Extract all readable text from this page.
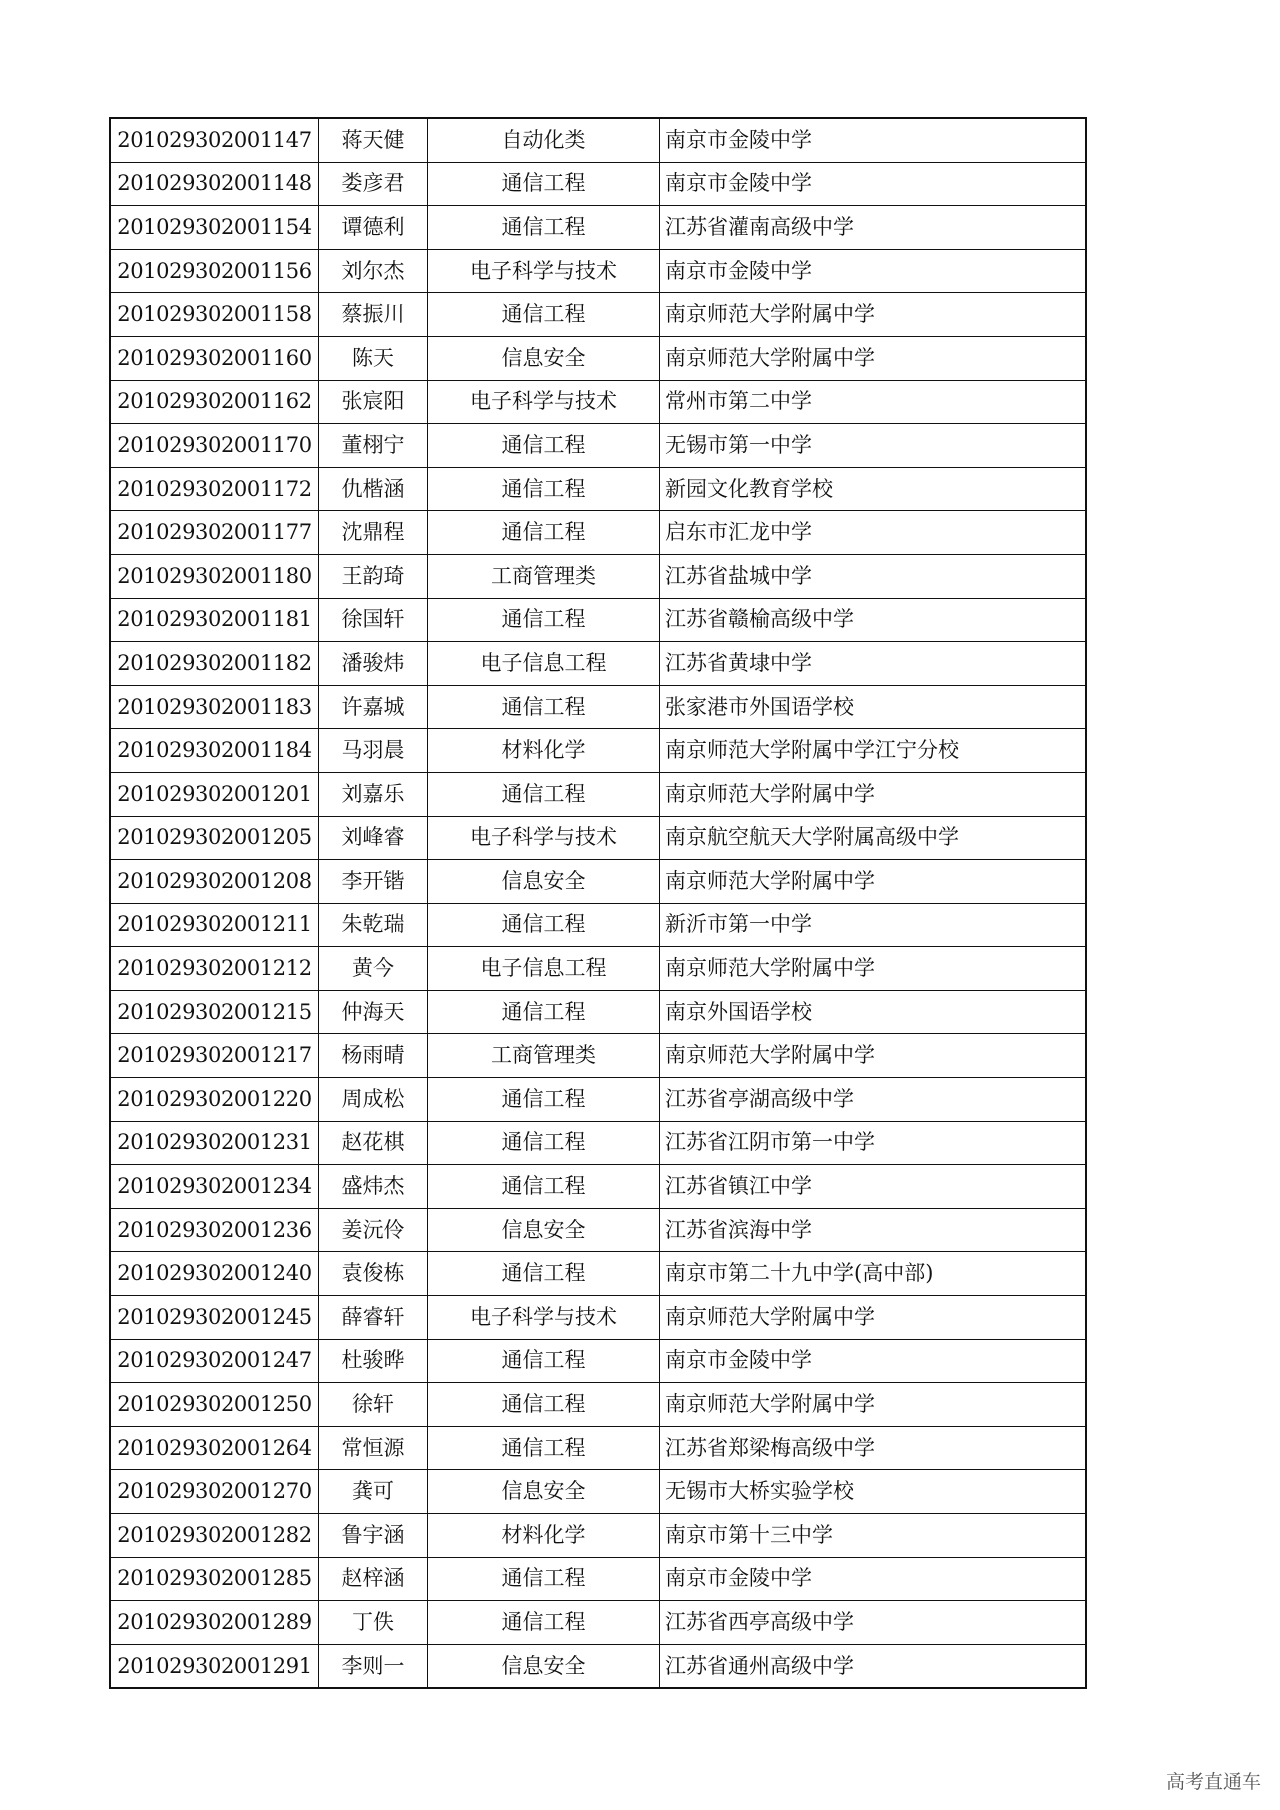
201029302001147	蒋天健	自动化类	南京市金陵中学
201029302001148	娄彦君	通信工程	南京市金陵中学
201029302001154	谭德利	通信工程	江苏省灌南高级中学
201029302001156	刘尔杰	电子科学与技术	南京市金陵中学
201029302001158	蔡振川	通信工程	南京师范大学附属中学
201029302001160	陈天	信息安全	南京师范大学附属中学
201029302001162	张宸阳	电子科学与技术	常州市第二中学
201029302001170	董栩宁	通信工程	无锡市第一中学
201029302001172	仇楷涵	通信工程	新园文化教育学校
201029302001177	沈鼎程	通信工程	启东市汇龙中学
201029302001180	王韵琦	工商管理类	江苏省盐城中学
201029302001181	徐国轩	通信工程	江苏省赣榆高级中学
201029302001182	潘骏炜	电子信息工程	江苏省黄埭中学
201029302001183	许嘉城	通信工程	张家港市外国语学校
201029302001184	马羽晨	材料化学	南京师范大学附属中学江宁分校
201029302001201	刘嘉乐	通信工程	南京师范大学附属中学
201029302001205	刘峰睿	电子科学与技术	南京航空航天大学附属高级中学
201029302001208	李开锴	信息安全	南京师范大学附属中学
201029302001211	朱乾瑞	通信工程	新沂市第一中学
201029302001212	黄今	电子信息工程	南京师范大学附属中学
201029302001215	仲海天	通信工程	南京外国语学校
201029302001217	杨雨晴	工商管理类	南京师范大学附属中学
201029302001220	周成松	通信工程	江苏省亭湖高级中学
201029302001231	赵花棋	通信工程	江苏省江阴市第一中学
201029302001234	盛炜杰	通信工程	江苏省镇江中学
201029302001236	姜沅伶	信息安全	江苏省滨海中学
201029302001240	袁俊栋	通信工程	南京市第二十九中学(高中部)
201029302001245	薛睿轩	电子科学与技术	南京师范大学附属中学
201029302001247	杜骏晔	通信工程	南京市金陵中学
201029302001250	徐轩	通信工程	南京师范大学附属中学
201029302001264	常恒源	通信工程	江苏省郑梁梅高级中学
201029302001270	龚可	信息安全	无锡市大桥实验学校
201029302001282	鲁宇涵	材料化学	南京市第十三中学
201029302001285	赵梓涵	通信工程	南京市金陵中学
201029302001289	丁佚	通信工程	江苏省西亭高级中学
201029302001291	李则一	信息安全	江苏省通州高级中学
高考直通车
